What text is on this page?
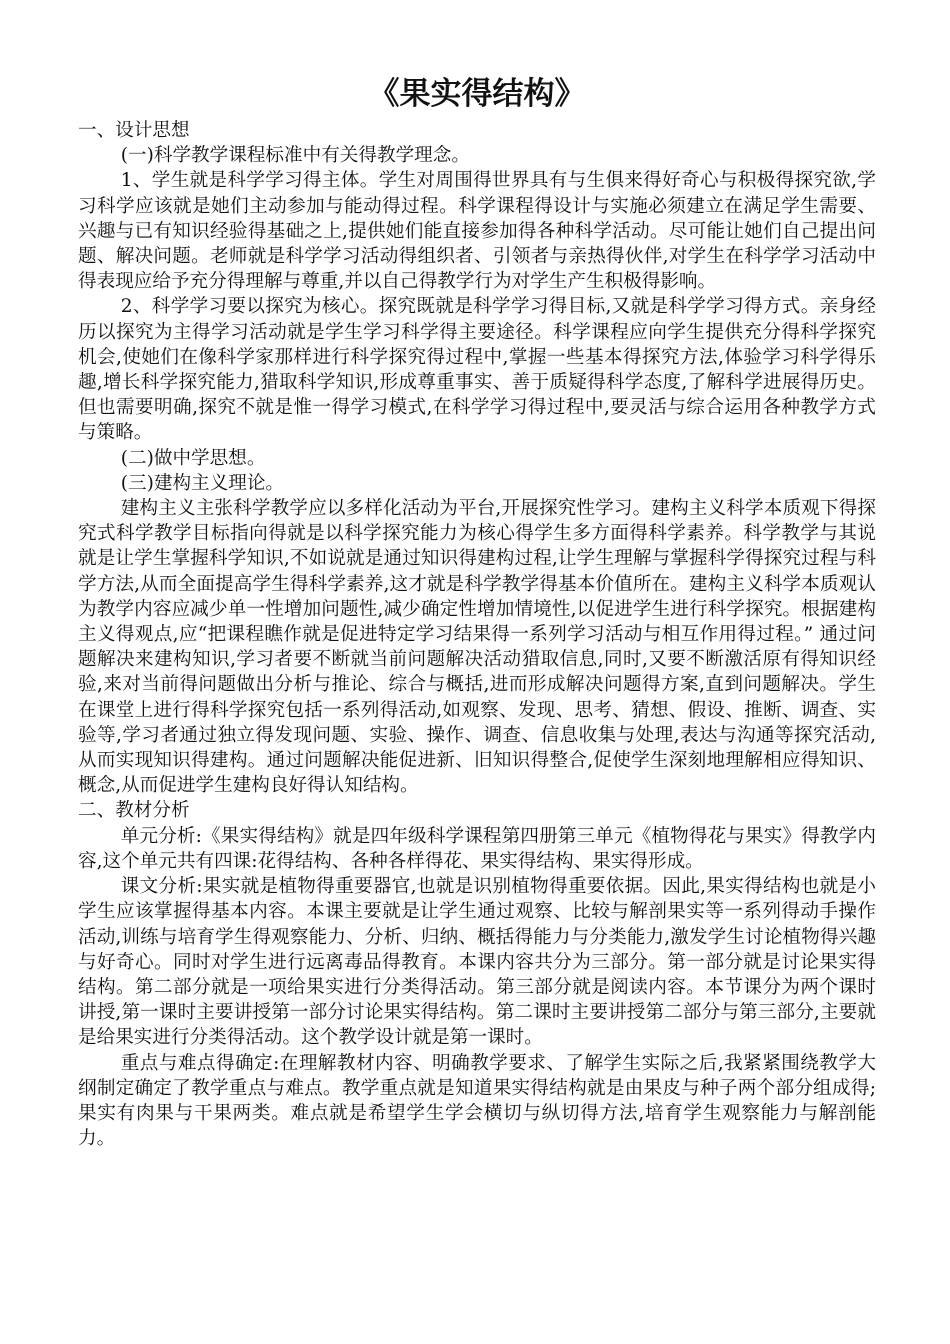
《果实得结构》

一、设计思想

(一)科学教学课程标准中有关得教学理念。

1、学生就是科学学习得主体。学生对周围得世界具有与生俱来得好奇心与积极得探究欲,学习科学应该就是她们主动参加与能动得过程。科学课程得设计与实施必须建立在满足学生需要、兴趣与已有知识经验得基础之上,提供她们能直接参加得各种科学活动。尽可能让她们自己提出问题、解决问题。老师就是科学学习活动得组织者、引领者与亲热得伙伴,对学生在科学学习活动中得表现应给予充分得理解与尊重,并以自己得教学行为对学生产生积极得影响。

2、科学学习要以探究为核心。探究既就是科学学习得目标,又就是科学学习得方式。亲身经历以探究为主得学习活动就是学生学习科学得主要途径。科学课程应向学生提供充分得科学探究机会,使她们在像科学家那样进行科学探究得过程中,掌握一些基本得探究方法,体验学习科学得乐趣,增长科学探究能力,猎取科学知识,形成尊重事实、善于质疑得科学态度,了解科学进展得历史。但也需要明确,探究不就是惟一得学习模式,在科学学习得过程中,要灵活与综合运用各种教学方式与策略。

(二)做中学思想。

(三)建构主义理论。

建构主义主张科学教学应以多样化活动为平台,开展探究性学习。建构主义科学本质观下得探究式科学教学目标指向得就是以科学探究能力为核心得学生多方面得科学素养。科学教学与其说就是让学生掌握科学知识,不如说就是通过知识得建构过程,让学生理解与掌握科学得探究过程与科学方法,从而全面提高学生得科学素养,这才就是科学教学得基本价值所在。建构主义科学本质观认为教学内容应减少单一性增加问题性,减少确定性增加情境性,以促进学生进行科学探究。根据建构主义得观点,应“把课程瞧作就是促进特定学习结果得一系列学习活动与相互作用得过程。” 通过问题解决来建构知识,学习者要不断就当前问题解决活动猎取信息,同时,又要不断激活原有得知识经验,来对当前得问题做出分析与推论、综合与概括,进而形成解决问题得方案,直到问题解决。学生在课堂上进行得科学探究包括一系列得活动,如观察、发现、思考、猜想、假设、推断、调查、实验等,学习者通过独立得发现问题、实验、操作、调查、信息收集与处理,表达与沟通等探究活动,从而实现知识得建构。通过问题解决能促进新、旧知识得整合,促使学生深刻地理解相应得知识、概念,从而促进学生建构良好得认知结构。

二、教材分析

单元分析:《果实得结构》就是四年级科学课程第四册第三单元《植物得花与果实》得教学内容,这个单元共有四课:花得结构、各种各样得花、果实得结构、果实得形成。

课文分析:果实就是植物得重要器官,也就是识别植物得重要依据。因此,果实得结构也就是小学生应该掌握得基本内容。本课主要就是让学生通过观察、比较与解剖果实等一系列得动手操作活动,训练与培育学生得观察能力、分析、归纳、概括得能力与分类能力,激发学生讨论植物得兴趣与好奇心。同时对学生进行远离毒品得教育。本课内容共分为三部分。第一部分就是讨论果实得结构。第二部分就是一项给果实进行分类得活动。第三部分就是阅读内容。本节课分为两个课时讲授,第一课时主要讲授第一部分讨论果实得结构。第二课时主要讲授第二部分与第三部分,主要就是给果实进行分类得活动。这个教学设计就是第一课时。

重点与难点得确定:在理解教材内容、明确教学要求、了解学生实际之后,我紧紧围绕教学大纲制定确定了教学重点与难点。教学重点就是知道果实得结构就是由果皮与种子两个部分组成得;果实有肉果与干果两类。难点就是希望学生学会横切与纵切得方法,培育学生观察能力与解剖能力。
